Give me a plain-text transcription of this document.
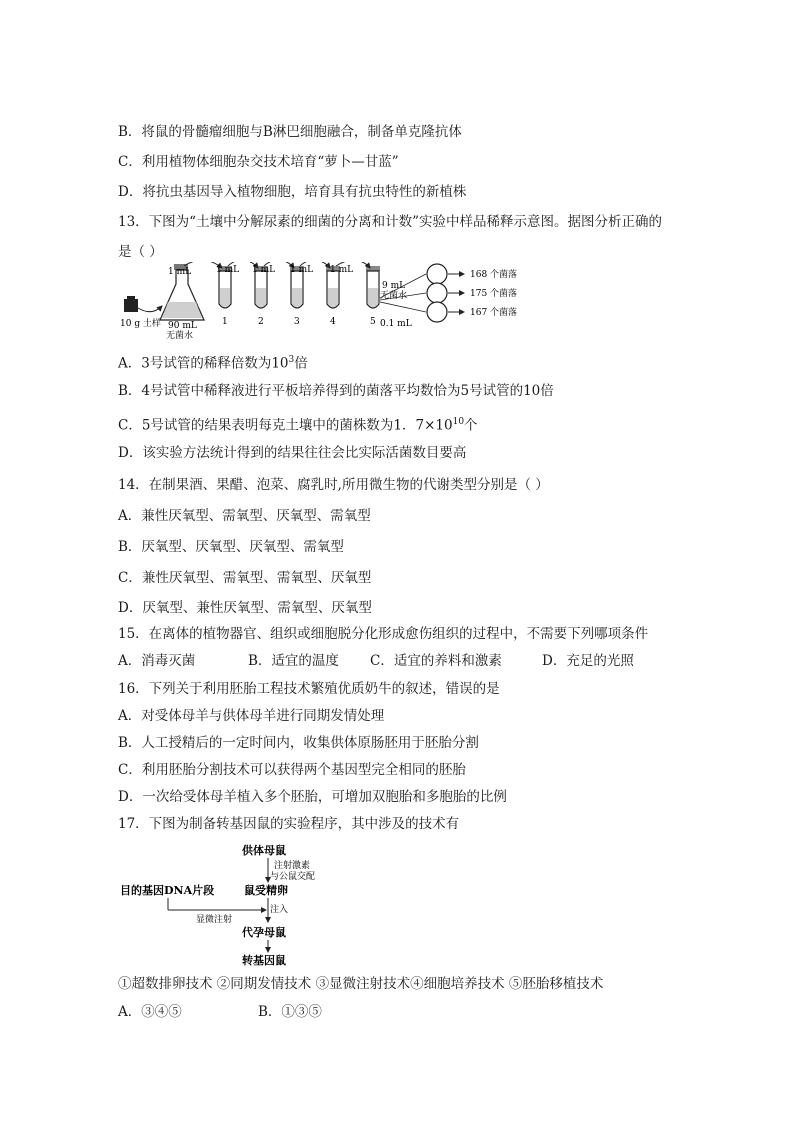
B．将鼠的骨髓瘤细胞与B淋巴细胞融合，制备单克隆抗体
C．利用植物体细胞杂交技术培育“萝卜—甘蓝”
D．将抗虫基因导入植物细胞，培育具有抗虫特性的新植株
13．下图为“土壤中分解尿素的细菌的分离和计数”实验中样品稀释示意图。据图分析正确的
是（ ）
1 mL	1 mL 1 mL 1 mL 1 mL
1	2	3	4	5
10 g 土样 90 mL
无菌水
9 mL
无菌水
0.1 mL
168 个菌落
175 个菌落
167 个菌落
A．3号试管的稀释倍数为$10^3$倍
B．4号试管中稀释液进行平板培养得到的菌落平均数恰为5号试管的10倍
C．5号试管的结果表明每克土壤中的菌株数为1．$7\times 10^{10}$个
D．该实验方法统计得到的结果往往会比实际活菌数目要高
14．在制果酒、果醋、泡菜、腐乳时,所用微生物的代谢类型分别是（ ）
A．兼性厌氧型、需氧型、厌氧型、需氧型
B．厌氧型、厌氧型、厌氧型、需氧型
C．兼性厌氧型、需氧型、需氧型、厌氧型
D．厌氧型、兼性厌氧型、需氧型、厌氧型
15．在离体的植物器官、组织或细胞脱分化形成愈伤组织的过程中，不需要下列哪项条件
A．消毒灭菌	B．适宜的温度 C．适宜的养料和激素	D．充足的光照
16．下列关于利用胚胎工程技术繁殖优质奶牛的叙述，错误的是
A．对受体母羊与供体母羊进行同期发情处理
B．人工授精后的一定时间内，收集供体原肠胚用于胚胎分割
C．利用胚胎分割技术可以获得两个基因型完全相同的胚胎
D．一次给受体母羊植入多个胚胎，可增加双胞胎和多胞胎的比例
17．下图为制备转基因鼠的实验程序，其中涉及的技术有
供体母鼠
注射激素
与公鼠交配
目的基因DNA片段	鼠受精卵
显微注射
注入
代孕母鼠
转基因鼠
①超数排卵技术 ②同期发情技术 ③显微注射技术④细胞培养技术 ⑤胚胎移植技术
A．③④⑤	B．①③⑤
